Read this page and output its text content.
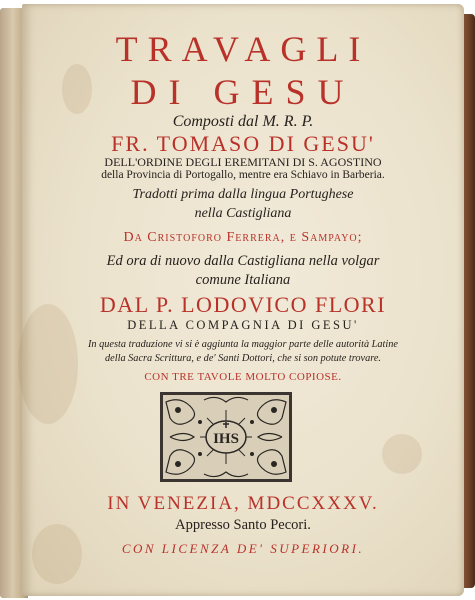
TRAVAGLI
DI GESU
Composti dal M. R. P.
FR. TOMASO DI GESU'
DELL'ORDINE DEGLI EREMITANI DI S. AGOSTINO
della Provincia di Portogallo, mentre era Schiavo in Barberia.
Tradotti prima dalla lingua Portughese
nella Castigliana
Da Cristoforo Ferrera, e Sampayo;
Ed ora di nuovo dalla Castigliana nella volgar
comune Italiana
DAL P. LODOVICO FLORI
DELLA COMPAGNIA DI GESU'
In questa traduzione vi si è aggiunta la maggior parte delle autorità Latine
della Sacra Scrittura, e de' Santi Dottori, che si son potute trovare.
CON TRE TAVOLE MOLTO COPIOSE.
IHS
IN VENEZIA, MDCCXXXV.
Appresso Santo Pecori.
CON LICENZA DE' SUPERIORI.
